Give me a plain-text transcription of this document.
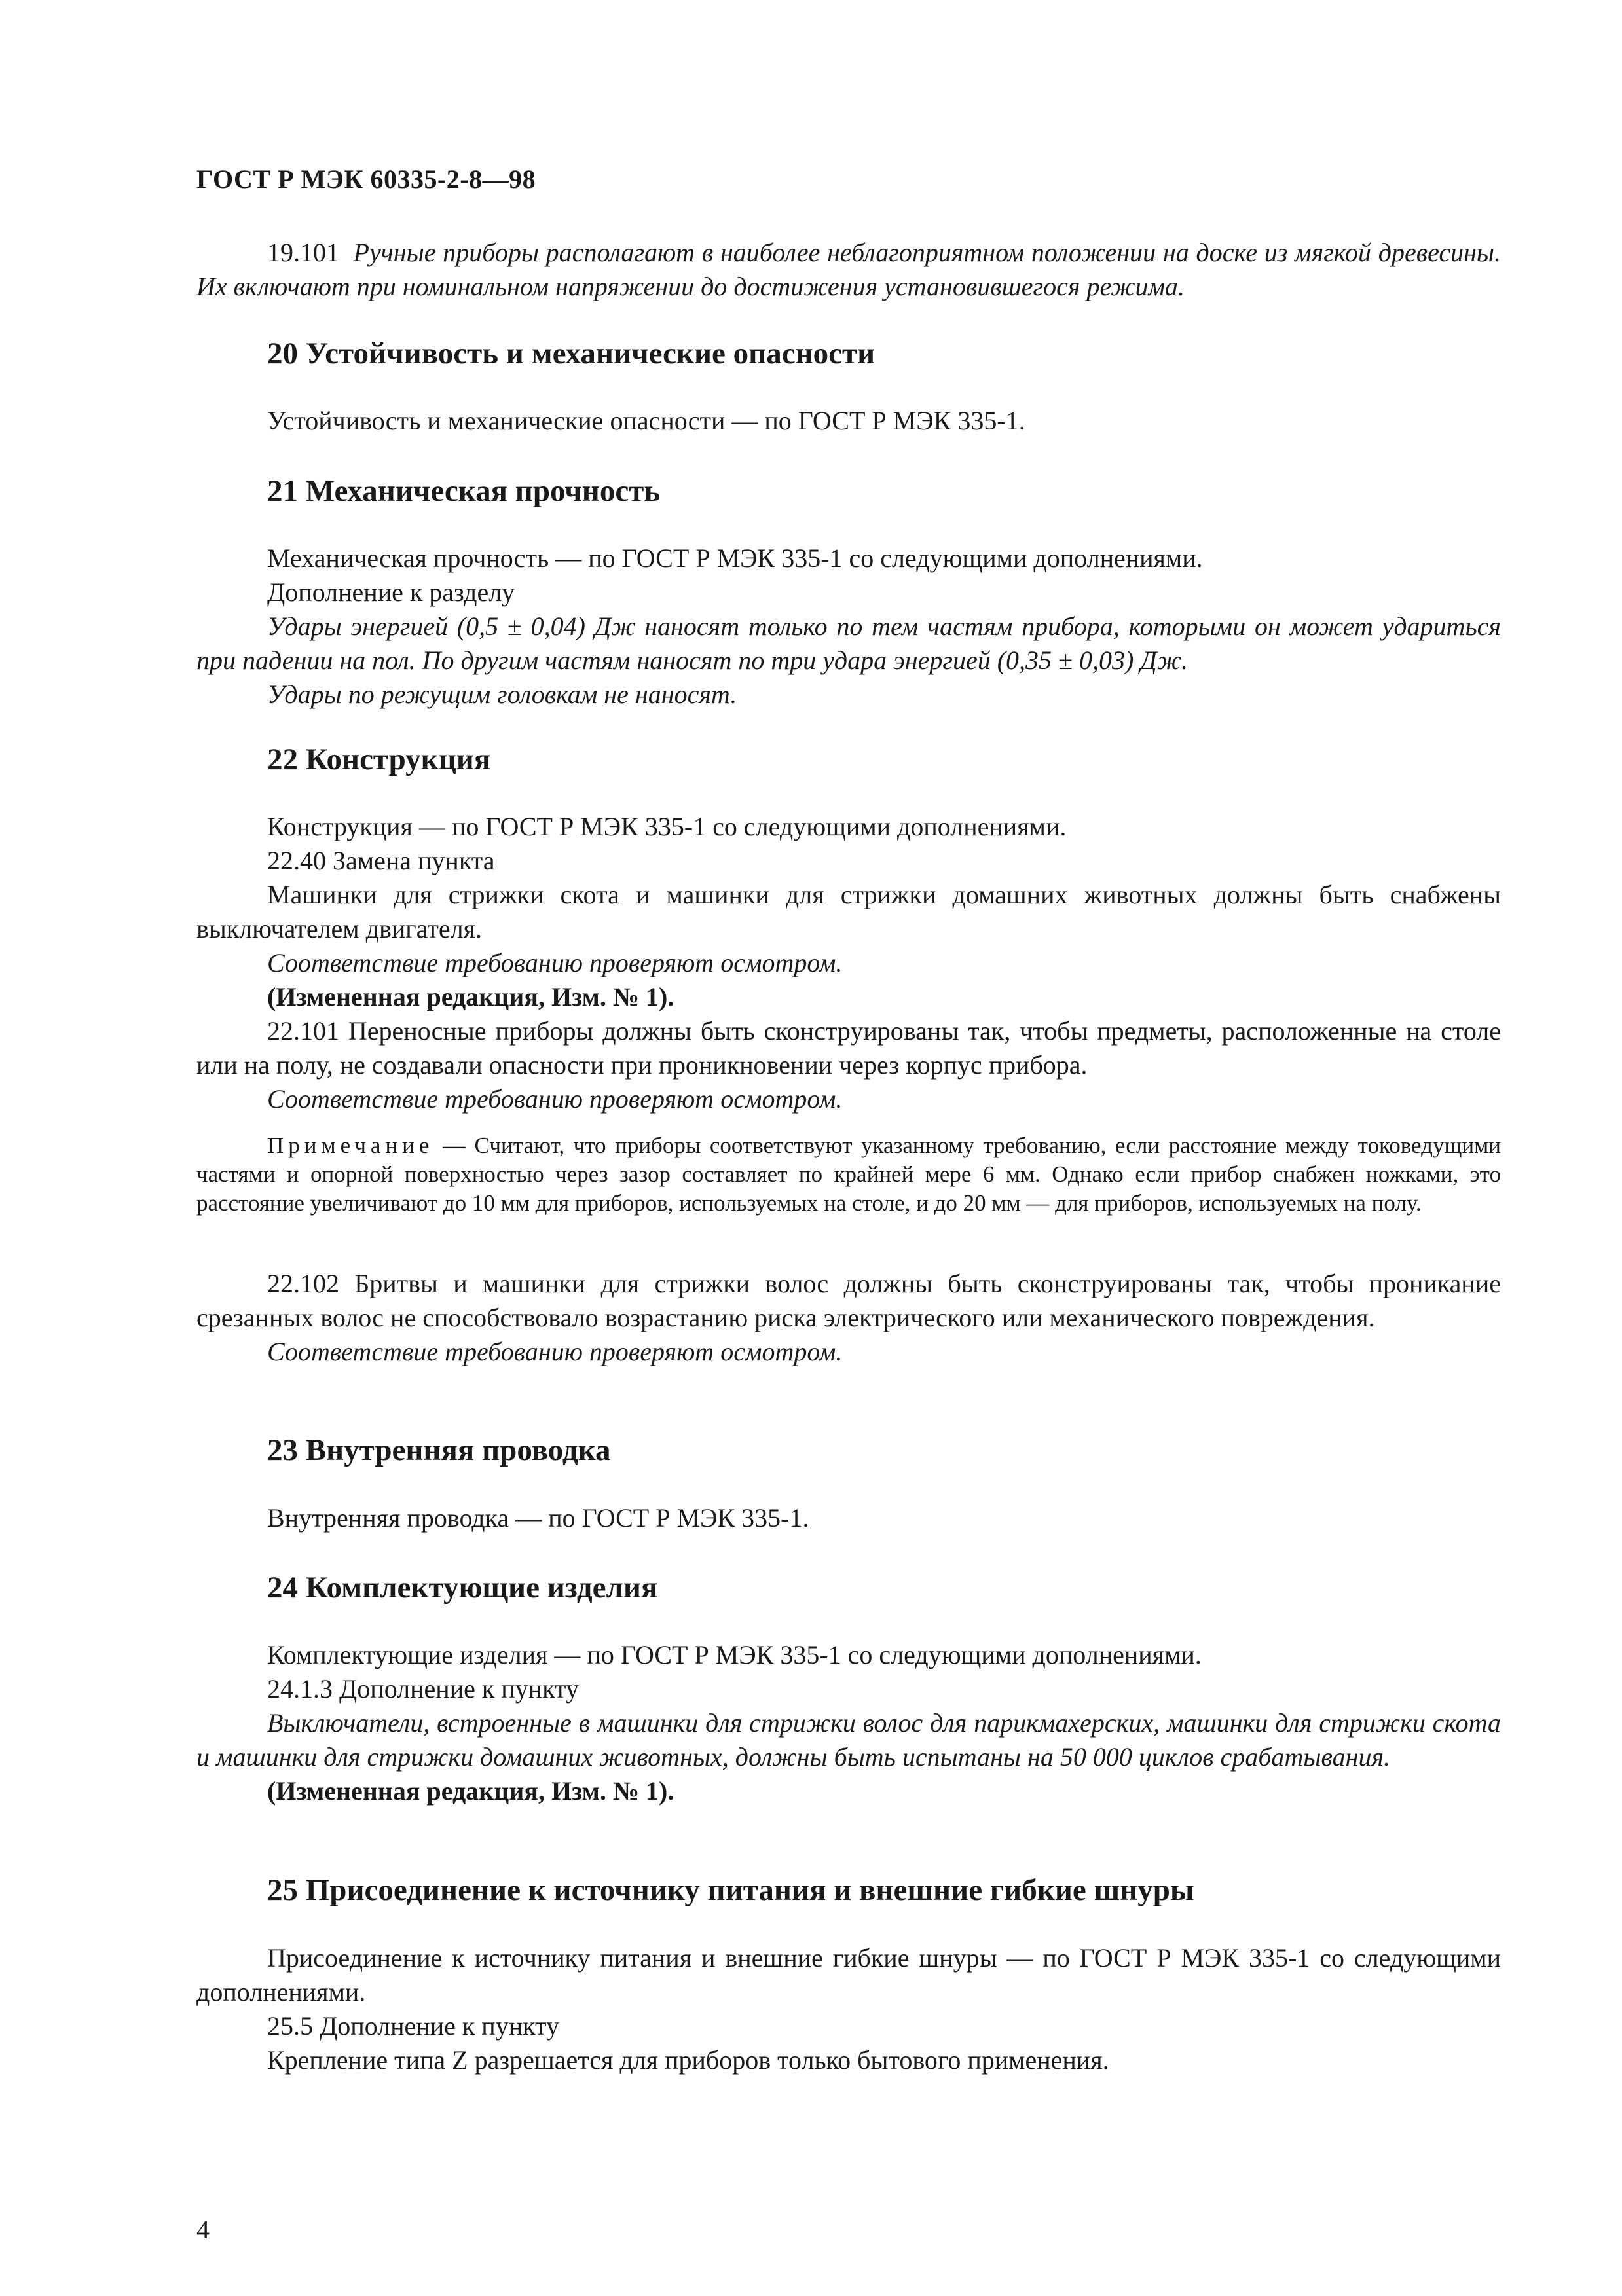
ГОСТ Р МЭК 60335-2-8—98

19.101 Ручные приборы располагают в наиболее неблагоприятном положении на доске из мягкой древесины. Их включают при номинальном напряжении до достижения установившегося режима.

20 Устойчивость и механические опасности

Устойчивость и механические опасности — по ГОСТ Р МЭК 335-1.

21 Механическая прочность

Механическая прочность — по ГОСТ Р МЭК 335-1 со следующими дополнениями.

Дополнение к разделу

Удары энергией (0,5 ± 0,04) Дж наносят только по тем частям прибора, которыми он может удариться при падении на пол. По другим частям наносят по три удара энергией (0,35 ± 0,03) Дж.

Удары по режущим головкам не наносят.

22 Конструкция

Конструкция — по ГОСТ Р МЭК 335-1 со следующими дополнениями.

22.40 Замена пункта

Машинки для стрижки скота и машинки для стрижки домашних животных должны быть снабжены выключателем двигателя.

Соответствие требованию проверяют осмотром.

(Измененная редакция, Изм. № 1).

22.101 Переносные приборы должны быть сконструированы так, чтобы предметы, расположенные на столе или на полу, не создавали опасности при проникновении через корпус прибора.

Соответствие требованию проверяют осмотром.

Примечание — Считают, что приборы соответствуют указанному требованию, если расстояние между токоведущими частями и опорной поверхностью через зазор составляет по крайней мере 6 мм. Однако если прибор снабжен ножками, это расстояние увеличивают до 10 мм для приборов, используемых на столе, и до 20 мм — для приборов, используемых на полу.

22.102 Бритвы и машинки для стрижки волос должны быть сконструированы так, чтобы проникание срезанных волос не способствовало возрастанию риска электрического или механического повреждения.

Соответствие требованию проверяют осмотром.

23 Внутренняя проводка

Внутренняя проводка — по ГОСТ Р МЭК 335-1.

24 Комплектующие изделия

Комплектующие изделия — по ГОСТ Р МЭК 335-1 со следующими дополнениями.

24.1.3 Дополнение к пункту

Выключатели, встроенные в машинки для стрижки волос для парикмахерских, машинки для стрижки скота и машинки для стрижки домашних животных, должны быть испытаны на 50 000 циклов срабатывания.

(Измененная редакция, Изм. № 1).

25 Присоединение к источнику питания и внешние гибкие шнуры

Присоединение к источнику питания и внешние гибкие шнуры — по ГОСТ Р МЭК 335-1 со следующими дополнениями.

25.5 Дополнение к пункту

Крепление типа Z разрешается для приборов только бытового применения.

4
